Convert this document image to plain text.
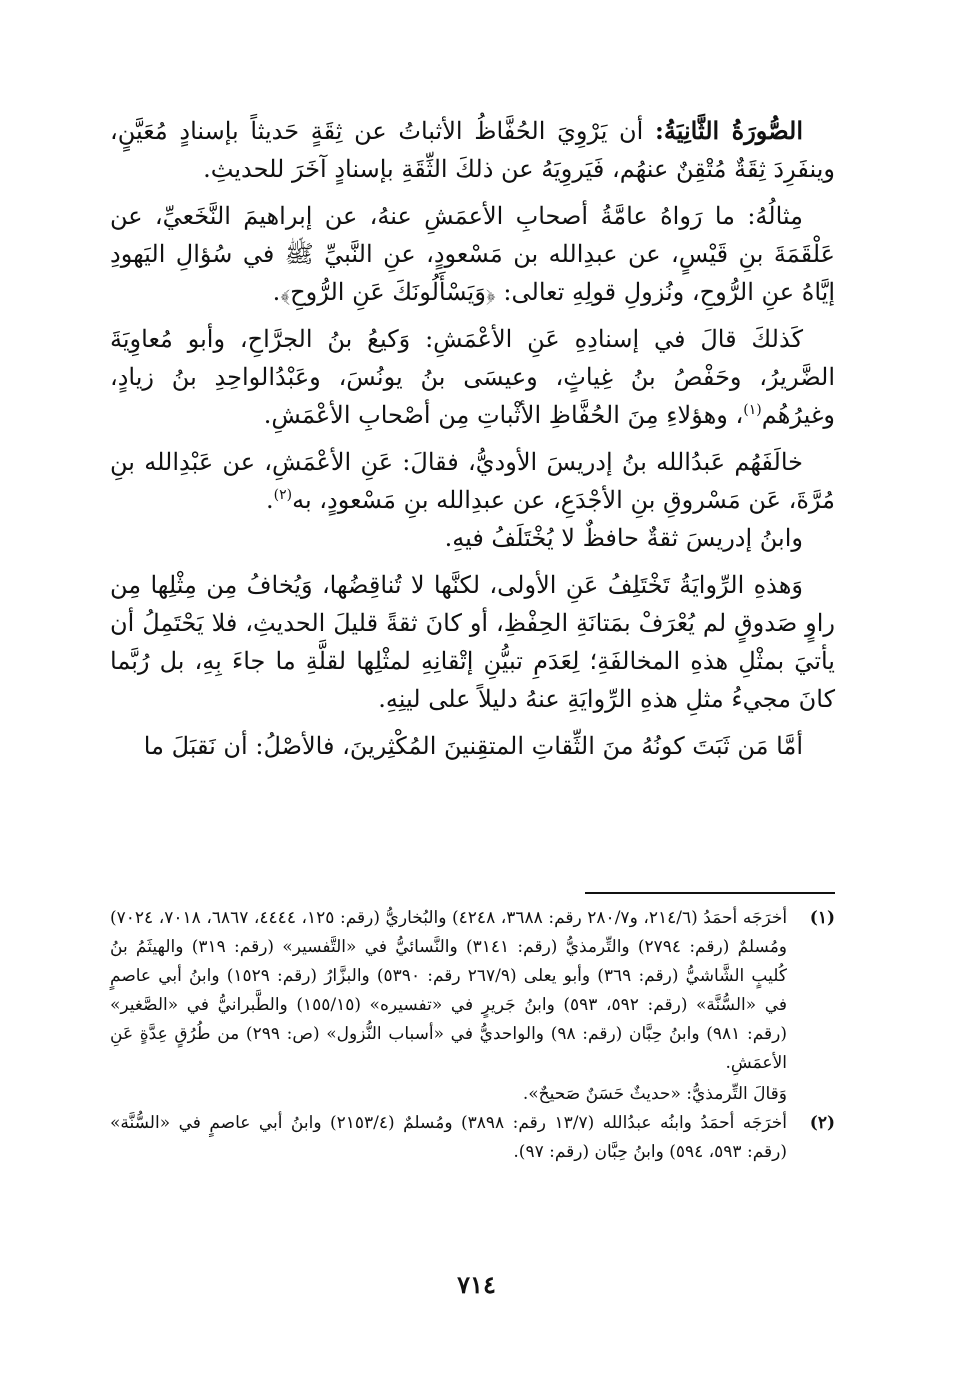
الصُّورَةُ الثَّانِيَةُ: أن يَرْوِيَ الحُفَّاظُ الأثباتُ عن ثِقَةٍ حَديثاً بإسنادٍ مُعَيَّنٍ، وينفَرِدَ ثِقَةٌ مُتْقِنٌ عنهُم، فَيَروِيَهُ عن ذلكَ الثِّقَةِ بإسنادٍ آخَرَ للحديثِ.

مِثالُهُ: ما رَواهُ عامَّةُ أصحابِ الأعمَشِ عنهُ، عن إبراهيمَ النَّخَعيِّ، عن عَلْقَمَةَ بنِ قَيْسٍ، عن عبدِالله بن مَسْعودٍ، عنِ النَّبيِّ ﷺ في سُؤالِ اليَهودِ إيَّاهُ عنِ الرُّوحِ، ونُزولِ قولِهِ تعالى: ﴿وَيَسْأَلُونَكَ عَنِ الرُّوحِ﴾.

كَذلكَ قالَ في إسنادِهِ عَنِ الأعْمَشِ: وَكيعُ بنُ الجرَّاحِ، وأبو مُعاوِيَةَ الضَّريرُ، وحَفْصُ بنُ غِياثٍ، وعيسَى بنُ يونُسَ، وعَبْدُالواحِدِ بنُ زيادٍ، وغيرُهُم$^{(١)}$، وهؤلاءِ مِنَ الحُفَّاظِ الأثْباتِ مِن أصْحابِ الأعْمَشِ.

خالَفَهُم عَبدُالله بنُ إدريسَ الأوديُّ، فقالَ: عَنِ الأعْمَشِ، عن عَبْدِالله بنِ مُرَّةَ، عَن مَسْروقِ بنِ الأجْدَعِ، عن عبدِالله بنِ مَسْعودٍ، به$^{(٢)}$.

وابنُ إدريسَ ثقةٌ حافظٌ لا يُخْتَلَفُ فيهِ.

وَهذهِ الرِّوايَةُ تَخْتَلِفُ عَنِ الأولى، لكنَّها لا تُناقِضُها، وَيُخافُ مِن مِثْلِها مِن راوٍ صَدوقٍ لم يُعْرَفْ بمَتانَةِ الحِفْظِ، أو كانَ ثقةً قليلَ الحديثِ، فلا يَحْتَمِلُ أن يأتيَ بمثْلِ هذهِ المخالفَةِ؛ لِعَدَمِ تبيُّنِ إتْقانِهِ لمثْلِها لقلَّةِ ما جاءَ بِهِ، بل رُبَّما كانَ مجيءُ مثلِ هذهِ الرِّوايَةِ عنهُ دليلاً على لينِهِ.

أمَّا مَن ثَبَتَ كونُهُ منَ الثِّقاتِ المتقِنينَ المُكْثِرينَ، فالأصْلُ: أن نَقبَلَ ما

(١)
أخرَجَه أحمَدُ (٢١٤/٦، و٢٨٠/٧ رقم: ٣٦٨٨، ٤٢٤٨) والبُخاريُّ (رقم: ١٢٥، ٤٤٤٤، ٦٨٦٧، ٧٠١٨، ٧٠٢٤) ومُسلمٌ (رقم: ٢٧٩٤) والتِّرمذيُّ (رقم: ٣١٤١) والنَّسائيُّ في «التَّفسير» (رقم: ٣١٩) والهيثَمُ بنُ كُليبٍ الشَّاشيُّ (رقم: ٣٦٩) وأبو يعلى (٢٦٧/٩ رقم: ٥٣٩٠) والبزَّارُ (رقم: ١٥٢٩) وابنُ أبي عاصمٍ في «السُّنَّة» (رقم: ٥٩٢، ٥٩٣) وابنُ جَريرٍ في «تفسيره» (١٥٥/١٥) والطَّبرانيُّ في «الصَّغير» (رقم: ٩٨١) وابنُ حِبَّان (رقم: ٩٨) والواحديُّ في «أسباب النُّزول» (ص: ٢٩٩) من طُرُقٍ عِدَّةٍ عَنِ الأعمَشِ.
وَقالَ التِّرمذيُّ: «حديثٌ حَسَنٌ صَحيحٌ».
(٢)
أخرَجَه أحمَدُ وابنُه عبدُالله (١٣/٧ رقم: ٣٨٩٨) ومُسلمٌ (٢١٥٣/٤) وابنُ أبي عاصمٍ في «السُّنَّة» (رقم: ٥٩٣، ٥٩٤) وابنُ حِبَّان (رقم: ٩٧).
٧١٤
